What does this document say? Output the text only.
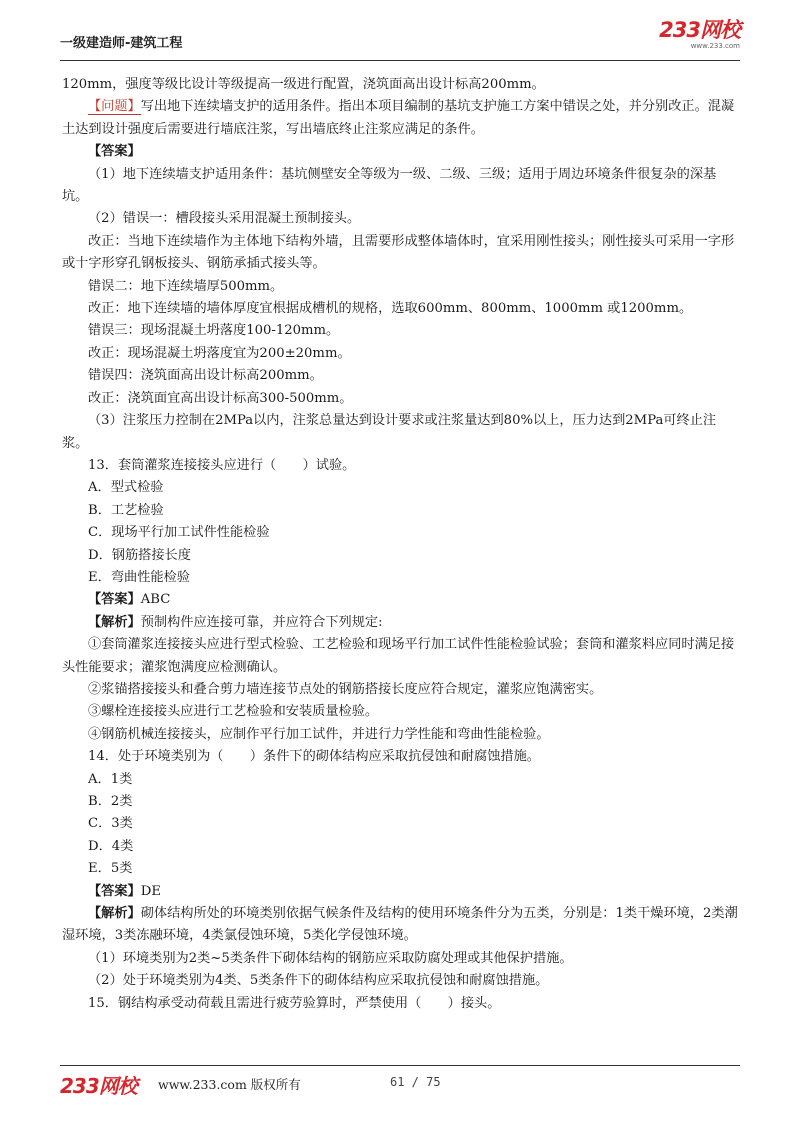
一级建造师-建筑工程
233网校
www.233.com

120mm，强度等级比设计等级提高一级进行配置，浇筑面高出设计标高200mm。

【问题】写出地下连续墙支护的适用条件。指出本项目编制的基坑支护施工方案中错误之处，并分别改正。混凝土达到设计强度后需要进行墙底注浆，写出墙底终止注浆应满足的条件。

【答案】

（1）地下连续墙支护适用条件：基坑侧壁安全等级为一级、二级、三级；适用于周边环境条件很复杂的深基坑。

（2）错误一：槽段接头采用混凝土预制接头。

改正：当地下连续墙作为主体地下结构外墙，且需要形成整体墙体时，宜采用刚性接头；刚性接头可采用一字形或十字形穿孔钢板接头、钢筋承插式接头等。

错误二：地下连续墙厚500mm。

改正：地下连续墙的墙体厚度宜根据成槽机的规格，选取600mm、800mm、1000mm 或1200mm。

错误三：现场混凝土坍落度100-120mm。

改正：现场混凝土坍落度宜为200±20mm。

错误四：浇筑面高出设计标高200mm。

改正：浇筑面宜高出设计标高300-500mm。

（3）注浆压力控制在2MPa以内，注浆总量达到设计要求或注浆量达到80%以上，压力达到2MPa可终止注浆。

13．套筒灌浆连接接头应进行（　　）试验。

A．型式检验

B．工艺检验

C．现场平行加工试件性能检验

D．钢筋搭接长度

E．弯曲性能检验

【答案】ABC

【解析】预制构件应连接可靠，并应符合下列规定:

①套筒灌浆连接接头应进行型式检验、工艺检验和现场平行加工试件性能检验试验；套筒和灌浆料应同时满足接头性能要求；灌浆饱满度应检测确认。

②浆锚搭接接头和叠合剪力墙连接节点处的钢筋搭接长度应符合规定，灌浆应饱满密实。

③螺栓连接接头应进行工艺检验和安装质量检验。

④钢筋机械连接接头，应制作平行加工试件，并进行力学性能和弯曲性能检验。

14．处于环境类别为（　　）条件下的砌体结构应采取抗侵蚀和耐腐蚀措施。

A．1类

B．2类

C．3类

D．4类

E．5类

【答案】DE

【解析】砌体结构所处的环境类别依据气候条件及结构的使用环境条件分为五类，分别是：1类干燥环境，2类潮湿环境，3类冻融环境，4类氯侵蚀环境，5类化学侵蚀环境。

（1）环境类别为2类~5类条件下砌体结构的钢筋应采取防腐处理或其他保护措施。

（2）处于环境类别为4类、5类条件下的砌体结构应采取抗侵蚀和耐腐蚀措施。

15．钢结构承受动荷载且需进行疲劳验算时，严禁使用（　　）接头。

233网校 www.233.com 版权所有	61 / 75
